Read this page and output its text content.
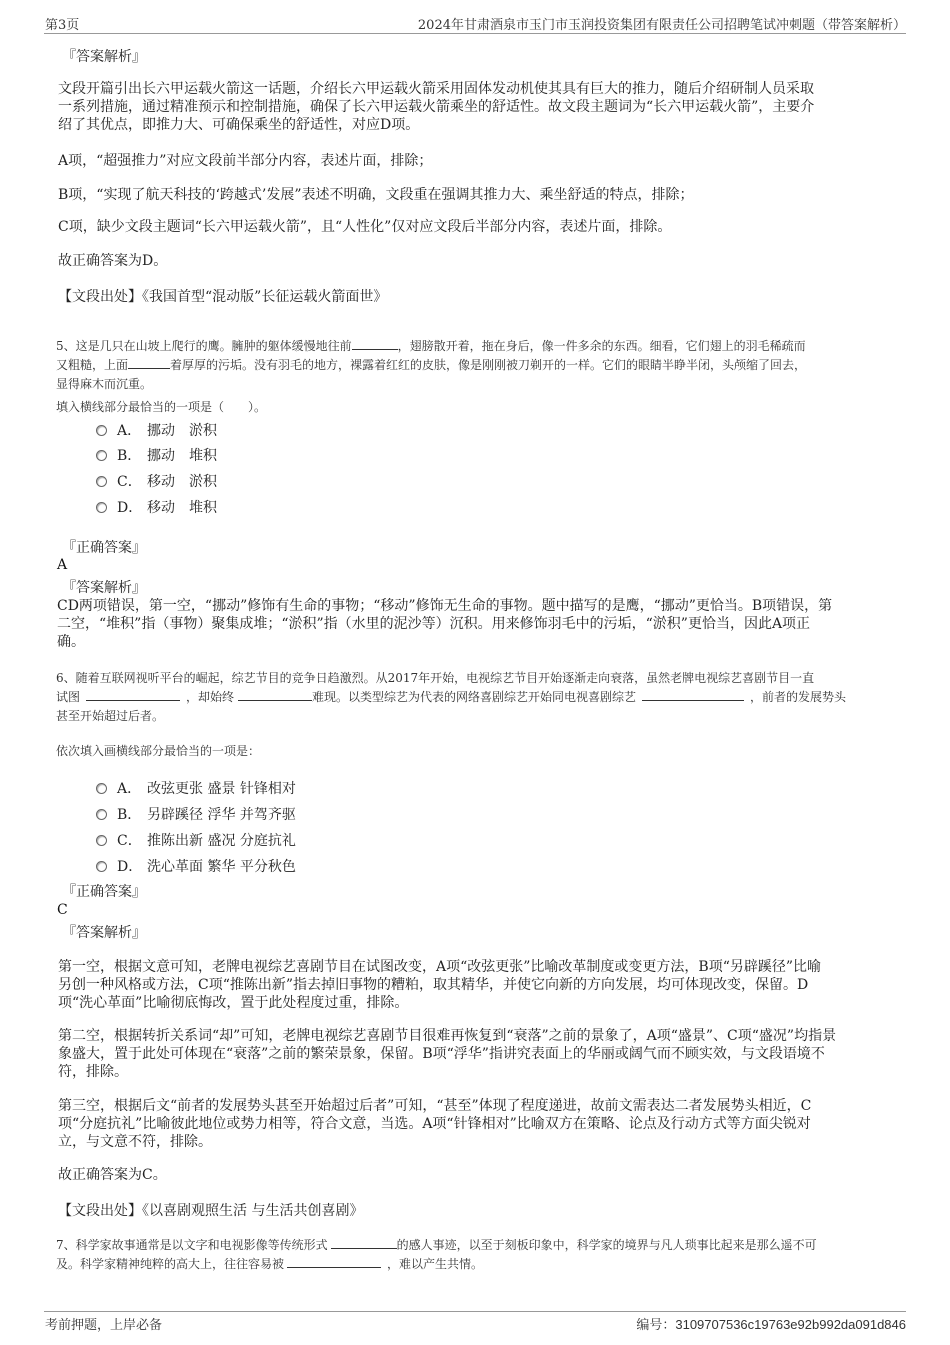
第3页	2024年甘肃酒泉市玉门市玉润投资集团有限责任公司招聘笔试冲刺题（带答案解析）
『答案解析』
文段开篇引出长六甲运载火箭这一话题，介绍长六甲运载火箭采用固体发动机使其具有巨大的推力，随后介绍研制人员采取
一系列措施，通过精准预示和控制措施，确保了长六甲运载火箭乘坐的舒适性。故文段主题词为“长六甲运载火箭”，主要介
绍了其优点，即推力大、可确保乘坐的舒适性，对应D项。
A项，“超强推力”对应文段前半部分内容，表述片面，排除；
B项，“实现了航天科技的‘跨越式’发展”表述不明确，文段重在强调其推力大、乘坐舒适的特点，排除；
C项，缺少文段主题词“长六甲运载火箭”，且“人性化”仅对应文段后半部分内容，表述片面，排除。
故正确答案为D。
【文段出处】《我国首型“混动版”长征运载火箭面世》
5、这是几只在山坡上爬行的鹰。臃肿的躯体缓慢地往前	，翅膀散开着，拖在身后，像一件多余的东西。细看，它们翅上的羽毛稀疏而
又粗糙，上面	着厚厚的污垢。没有羽毛的地方，裸露着红红的皮肤，像是刚刚被刀剃开的一样。它们的眼睛半睁半闭，头颅缩了回去，
显得麻木而沉重。
填入横线部分最恰当的一项是（　　）。
A． 挪动　淤积
B． 挪动　堆积
C． 移动　淤积
D． 移动　堆积
『正确答案』
A
『答案解析』
CD两项错误，第一空，“挪动”修饰有生命的事物；“移动”修饰无生命的事物。题中描写的是鹰，“挪动”更恰当。B项错误，第
二空，“堆积”指（事物）聚集成堆；“淤积”指（水里的泥沙等）沉积。用来修饰羽毛中的污垢，“淤积”更恰当，因此A项正
确。
6、随着互联网视听平台的崛起，综艺节目的竞争日趋激烈。从2017年开始，电视综艺节目开始逐渐走向衰落，虽然老牌电视综艺喜剧节目一直
试图	，却始终	难现。以类型综艺为代表的网络喜剧综艺开始同电视喜剧综艺	，前者的发展势头
甚至开始超过后者。
依次填入画横线部分最恰当的一项是：
A． 改弦更张 盛景 针锋相对
B． 另辟蹊径 浮华 并驾齐驱
C． 推陈出新 盛况 分庭抗礼
D． 洗心革面 繁华 平分秋色
『正确答案』
C
『答案解析』
第一空，根据文意可知，老牌电视综艺喜剧节目在试图改变，A项“改弦更张”比喻改革制度或变更方法，B项“另辟蹊径”比喻
另创一种风格或方法，C项“推陈出新”指去掉旧事物的糟粕，取其精华，并使它向新的方向发展，均可体现改变，保留。D
项“洗心革面”比喻彻底悔改，置于此处程度过重，排除。
第二空，根据转折关系词“却”可知，老牌电视综艺喜剧节目很难再恢复到“衰落”之前的景象了，A项“盛景”、C项“盛况”均指景
象盛大，置于此处可体现在“衰落”之前的繁荣景象，保留。B项“浮华”指讲究表面上的华丽或阔气而不顾实效，与文段语境不
符，排除。
第三空，根据后文“前者的发展势头甚至开始超过后者”可知，“甚至”体现了程度递进，故前文需表达二者发展势头相近，C
项“分庭抗礼”比喻彼此地位或势力相等，符合文意，当选。A项“针锋相对”比喻双方在策略、论点及行动方式等方面尖锐对
立，与文意不符，排除。
故正确答案为C。
【文段出处】《以喜剧观照生活 与生活共创喜剧》
7、科学家故事通常是以文字和电视影像等传统形式	的感人事迹，以至于刻板印象中，科学家的境界与凡人琐事比起来是那么遥不可
及。科学家精神纯粹的高大上，往往容易被	，难以产生共情。
考前押题，上岸必备	编号：3109707536c19763e92b992da091d846
